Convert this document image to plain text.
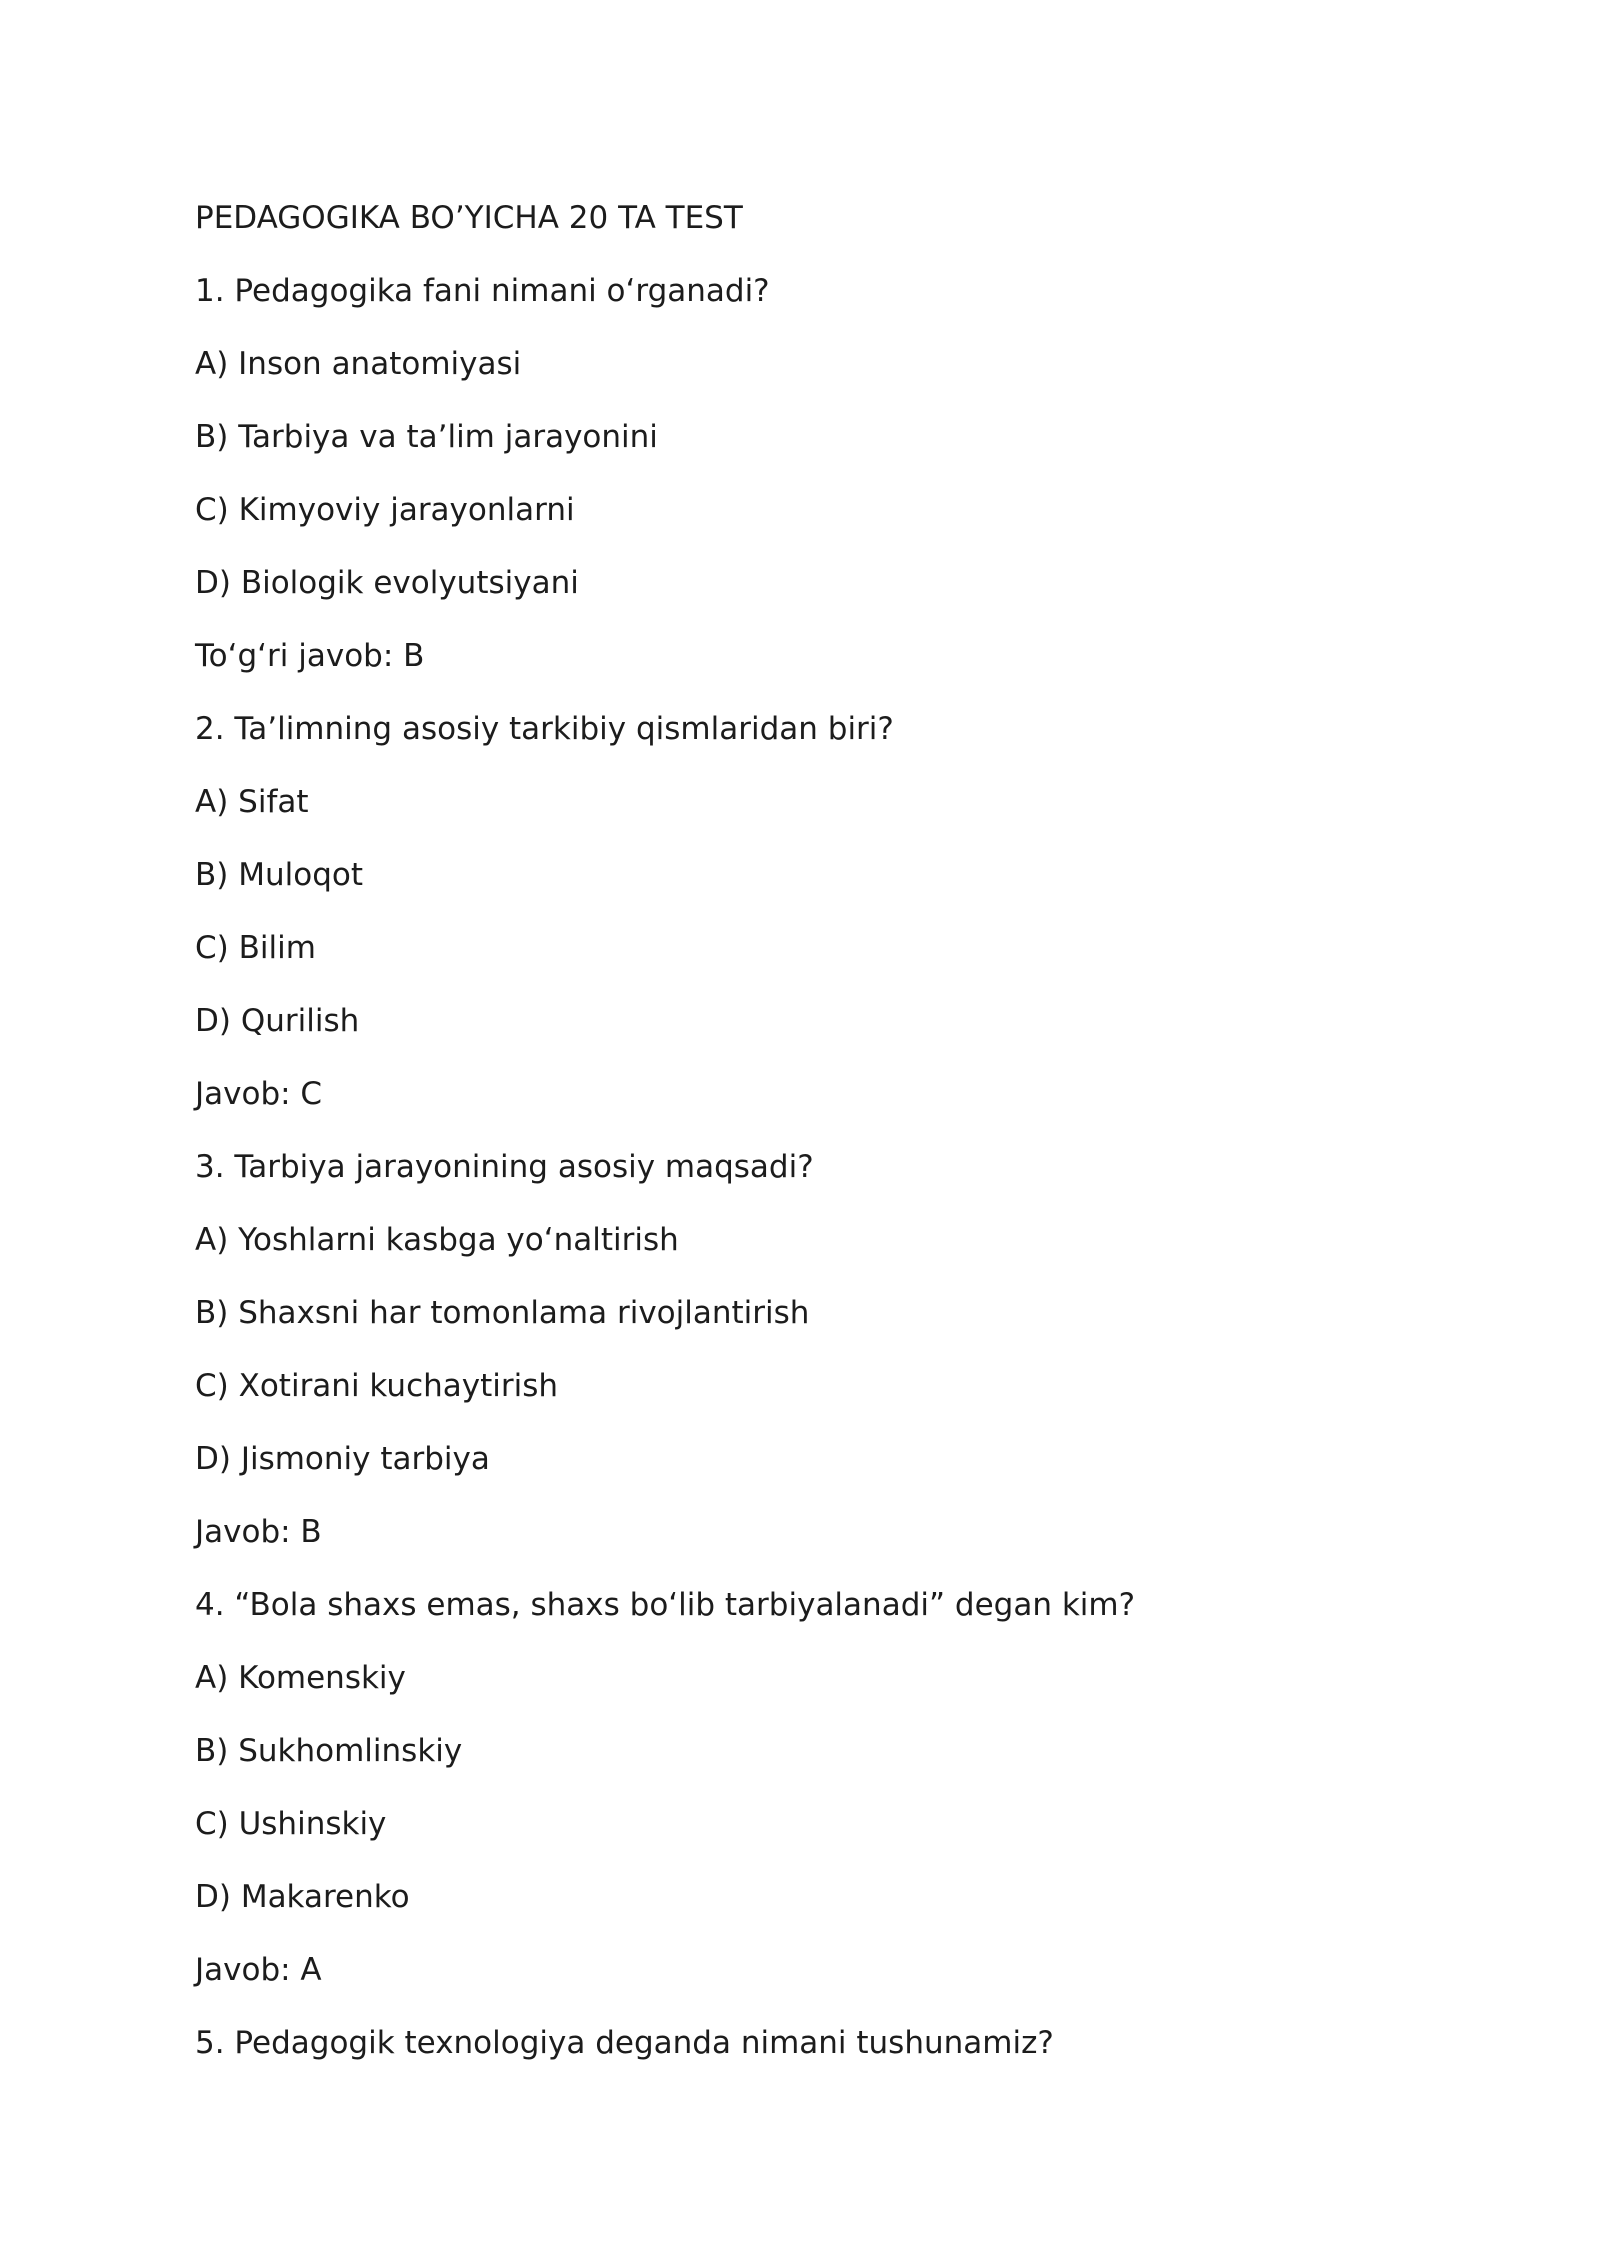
PEDAGOGIKA BO’YICHA 20 TA TEST
1. Pedagogika fani nimani o‘rganadi?
A) Inson anatomiyasi
B) Tarbiya va ta’lim jarayonini
C) Kimyoviy jarayonlarni
D) Biologik evolyutsiyani
To‘g‘ri javob: B
2. Ta’limning asosiy tarkibiy qismlaridan biri?
A) Sifat
B) Muloqot
C) Bilim
D) Qurilish
Javob: C
3. Tarbiya jarayonining asosiy maqsadi?
A) Yoshlarni kasbga yo‘naltirish
B) Shaxsni har tomonlama rivojlantirish
C) Xotirani kuchaytirish
D) Jismoniy tarbiya
Javob: B
4. “Bola shaxs emas, shaxs bo‘lib tarbiyalanadi” degan kim?
A) Komenskiy
B) Sukhomlinskiy
C) Ushinskiy
D) Makarenko
Javob: A
5. Pedagogik texnologiya deganda nimani tushunamiz?
